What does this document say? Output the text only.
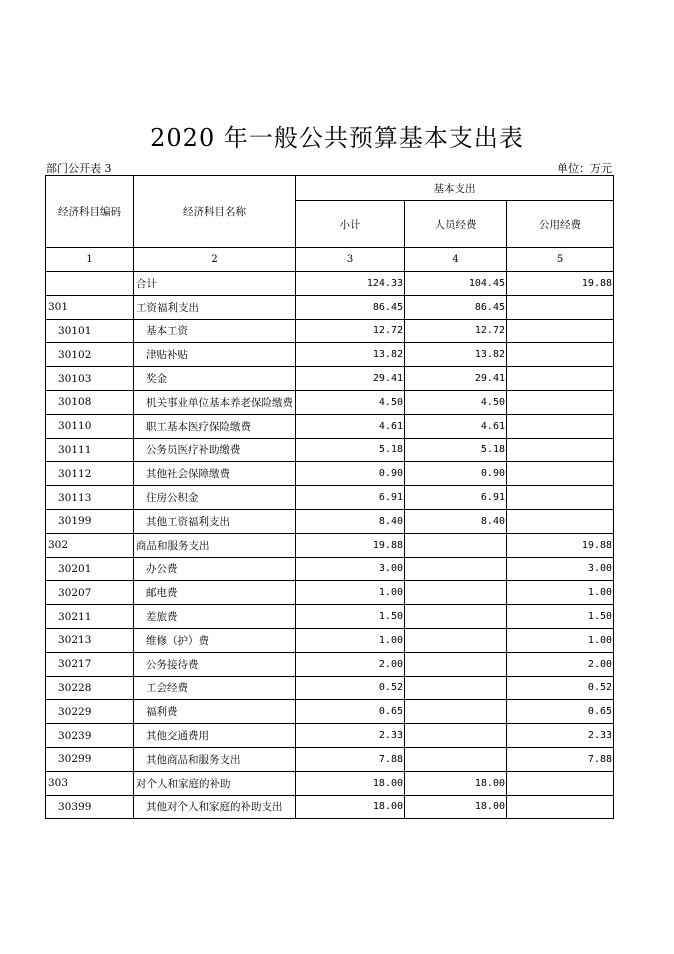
2020 年一般公共预算基本支出表
部门公开表 3	单位：万元
经济科目编码	经济科目名称	基本支出		
		小计	人员经费	公用经费
1	2	3	4	5
	合计	124.33	104.45	19.88
301	工资福利支出	86.45	86.45	
30101	基本工资	12.72	12.72	
30102	津贴补贴	13.82	13.82	
30103	奖金	29.41	29.41	
30108	机关事业单位基本养老保险缴费	4.50	4.50	
30110	职工基本医疗保险缴费	4.61	4.61	
30111	公务员医疗补助缴费	5.18	5.18	
30112	其他社会保障缴费	0.90	0.90	
30113	住房公积金	6.91	6.91	
30199	其他工资福利支出	8.40	8.40	
302	商品和服务支出	19.88		19.88
30201	办公费	3.00		3.00
30207	邮电费	1.00		1.00
30211	差旅费	1.50		1.50
30213	维修（护）费	1.00		1.00
30217	公务接待费	2.00		2.00
30228	工会经费	0.52		0.52
30229	福利费	0.65		0.65
30239	其他交通费用	2.33		2.33
30299	其他商品和服务支出	7.88		7.88
303	对个人和家庭的补助	18.00	18.00	
30399	其他对个人和家庭的补助支出	18.00	18.00	
